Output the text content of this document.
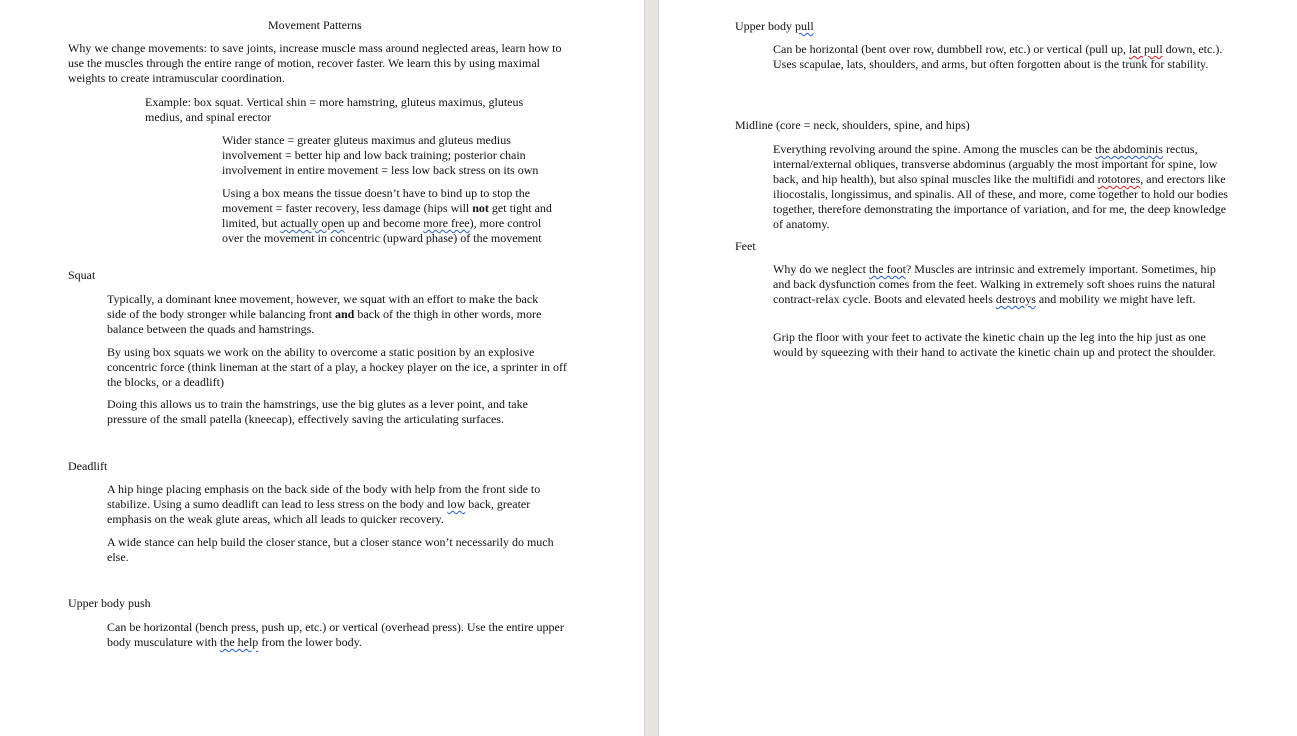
Movement Patterns
Why we change movements: to save joints, increase muscle mass around neglected areas, learn how to use the muscles through the entire range of motion, recover faster. We learn this by using maximal weights to create intramuscular coordination.
Example: box squat. Vertical shin = more hamstring, gluteus maximus, gluteus medius, and spinal erector
Wider stance = greater gluteus maximus and gluteus medius involvement = better hip and low back training; posterior chain involvement in entire movement = less low back stress on its own
Using a box means the tissue doesn’t have to bind up to stop the movement = faster recovery, less damage (hips will not get tight and limited, but actually open up and become more free), more control over the movement in concentric (upward phase) of the movement
Squat
Typically, a dominant knee movement, however, we squat with an effort to make the back side of the body stronger while balancing front and back of the thigh in other words, more balance between the quads and hamstrings.
By using box squats we work on the ability to overcome a static position by an explosive concentric force (think lineman at the start of a play, a hockey player on the ice, a sprinter in off the blocks, or a deadlift)
Doing this allows us to train the hamstrings, use the big glutes as a lever point, and take pressure of the small patella (kneecap), effectively saving the articulating surfaces.
Deadlift
A hip hinge placing emphasis on the back side of the body with help from the front side to stabilize. Using a sumo deadlift can lead to less stress on the body and low back, greater emphasis on the weak glute areas, which all leads to quicker recovery.
A wide stance can help build the closer stance, but a closer stance won’t necessarily do much else.
Upper body push
Can be horizontal (bench press, push up, etc.) or vertical (overhead press). Use the entire upper body musculature with the help from the lower body.
Upper body pull
Can be horizontal (bent over row, dumbbell row, etc.) or vertical (pull up, lat pull down, etc.). Uses scapulae, lats, shoulders, and arms, but often forgotten about is the trunk for stability.
Midline (core = neck, shoulders, spine, and hips)
Everything revolving around the spine. Among the muscles can be the abdominis rectus, internal/external obliques, transverse abdominus (arguably the most important for spine, low back, and hip health), but also spinal muscles like the multifidi and rototores, and erectors like iliocostalis, longissimus, and spinalis. All of these, and more, come together to hold our bodies together, therefore demonstrating the importance of variation, and for me, the deep knowledge of anatomy.
Feet
Why do we neglect the foot? Muscles are intrinsic and extremely important. Sometimes, hip and back dysfunction comes from the feet. Walking in extremely soft shoes ruins the natural contract-relax cycle. Boots and elevated heels destroys and mobility we might have left.
Grip the floor with your feet to activate the kinetic chain up the leg into the hip just as one would by squeezing with their hand to activate the kinetic chain up and protect the shoulder.
